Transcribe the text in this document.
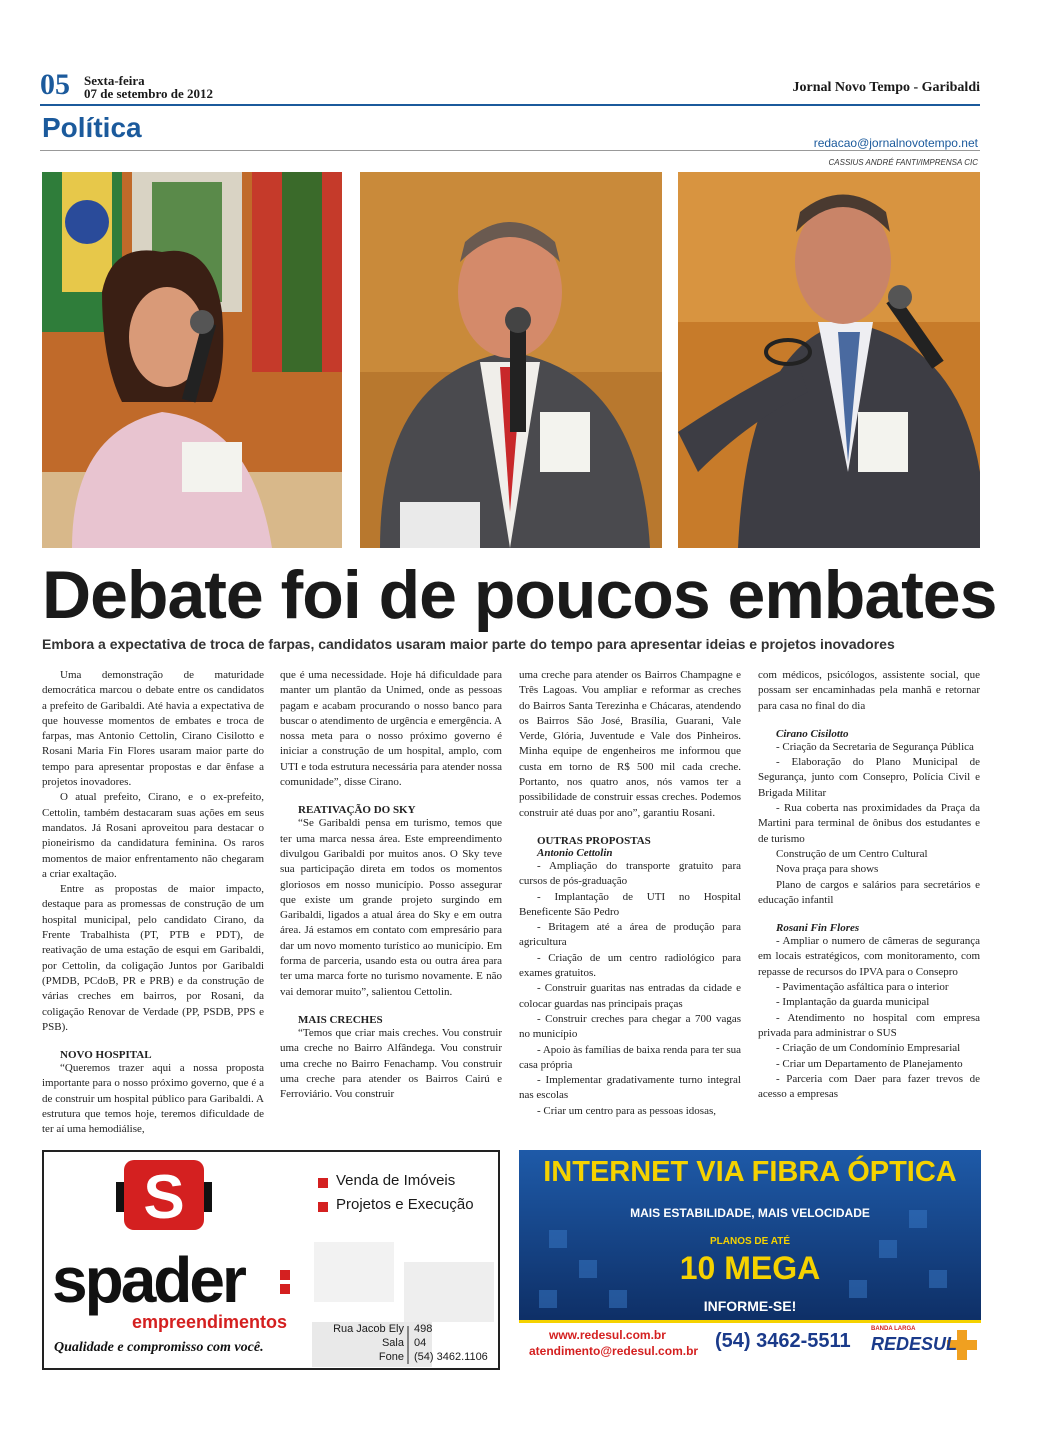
05 Sexta-feira
07 de setembro de 2012	Jornal Novo Tempo - Garibaldi
Política	redacao@jornalnovotempo.net
CASSIUS ANDRÉ FANTI/IMPRENSA CIC
Debate foi de poucos embates
Embora a expectativa de troca de farpas, candidatos usaram maior parte do tempo para apresentar ideias e projetos inovadores

Uma demonstração de maturidade democrática marcou o debate entre os candidatos a prefeito de Garibaldi. Até havia a expectativa de que houvesse momentos de embates e troca de farpas, mas Antonio Cettolin, Cirano Cisilotto e Rosani Maria Fin Flores usaram maior parte do tempo para apresentar propostas e dar ênfase a projetos inovadores.

O atual prefeito, Cirano, e o ex-prefeito, Cettolin, também destacaram suas ações em seus mandatos. Já Rosani aproveitou para destacar o pioneirismo da candidatura feminina. Os raros momentos de maior enfrentamento não chegaram a criar exaltação.

Entre as propostas de maior impacto, destaque para as promessas de construção de um hospital municipal, pelo candidato Cirano, da Frente Trabalhista (PT, PTB e PDT), de reativação de uma estação de esqui em Garibaldi, por Cettolin, da coligação Juntos por Garibaldi (PMDB, PCdoB, PR e PRB) e da construção de várias creches em bairros, por Rosani, da coligação Renovar de Verdade (PP, PSDB, PPS e PSB).

NOVO HOSPITAL

“Queremos trazer aqui a nossa proposta importante para o nosso próximo governo, que é a de construir um hospital público para Garibaldi. A estrutura que temos hoje, teremos dificuldade de ter aí uma hemodiálise,

que é uma necessidade. Hoje há dificuldade para manter um plantão da Unimed, onde as pessoas pagam e acabam procurando o nosso banco para buscar o atendimento de urgência e emergência. A nossa meta para o nosso próximo governo é iniciar a construção de um hospital, amplo, com UTI e toda estrutura necessária para atender nossa comunidade”, disse Cirano.

REATIVAÇÃO DO SKY

“Se Garibaldi pensa em turismo, temos que ter uma marca nessa área. Este empreendimento divulgou Garibaldi por muitos anos. O Sky teve sua participação direta em todos os momentos gloriosos em nosso município. Posso assegurar que existe um grande projeto surgindo em Garibaldi, ligados a atual área do Sky e em outra área. Já estamos em contato com empresário para dar um novo momento turístico ao município. Em forma de parceria, usando esta ou outra área para ter uma marca forte no turismo novamente. E não vai demorar muito”, salientou Cettolin.

MAIS CRECHES

“Temos que criar mais creches. Vou construir uma creche no Bairro Alfândega. Vou construir uma creche no Bairro Fenachamp. Vou construir uma creche para atender os Bairros Cairú e Ferroviário. Vou construir

uma creche para atender os Bairros Champagne e Três Lagoas. Vou ampliar e reformar as creches do Bairros Santa Terezinha e Chácaras, atendendo os Bairros São José, Brasília, Guarani, Vale Verde, Glória, Juventude e Vale dos Pinheiros. Minha equipe de engenheiros me informou que custa em torno de R$ 500 mil cada creche. Portanto, nos quatro anos, nós vamos ter a possibilidade de construir essas creches. Podemos construir até duas por ano”, garantiu Rosani.

OUTRAS PROPOSTAS
Antonio Cettolin

- Ampliação do transporte gratuito para cursos de pós-graduação

- Implantação de UTI no Hospital Beneficente São Pedro

- Britagem até a área de produção para agricultura

- Criação de um centro radiológico para exames gratuitos.

- Construir guaritas nas entradas da cidade e colocar guardas nas principais praças

- Construir creches para chegar a 700 vagas no município

- Apoio às famílias de baixa renda para ter sua casa própria

- Implementar gradativamente turno integral nas escolas

- Criar um centro para as pessoas idosas,

com médicos, psicólogos, assistente social, que possam ser encaminhadas pela manhã e retornar para casa no final do dia

Cirano Cisilotto

- Criação da Secretaria de Segurança Pública

- Elaboração do Plano Municipal de Segurança, junto com Consepro, Polícia Civil e Brigada Militar

- Rua coberta nas proximidades da Praça da Martini para terminal de ônibus dos estudantes e de turismo

Construção de um Centro Cultural

Nova praça para shows

Plano de cargos e salários para secretários e educação infantil

Rosani Fin Flores

- Ampliar o numero de câmeras de segurança em locais estratégicos, com monitoramento, com repasse de recursos do IPVA para o Consepro

- Pavimentação asfáltica para o interior

- Implantação da guarda municipal

- Atendimento no hospital com empresa privada para administrar o SUS

- Criação de um Condomínio Empresarial

- Criar um Departamento de Planejamento

- Parceria com Daer para fazer trevos de acesso a empresas

S
spader
empreendimentos
Qualidade e compromisso com você.
Venda de Imóveis
Projetos e Execução
Rua Jacob Ely 498
Sala 04
Fone (54) 3462.1106
INTERNET VIA FIBRA ÓPTICA
MAIS ESTABILIDADE, MAIS VELOCIDADE
PLANOS DE ATÉ
10 MEGA
INFORME-SE!
www.redesul.com.br
atendimento@redesul.com.br (54) 3462-5511
BANDA LARGA
REDESUL
